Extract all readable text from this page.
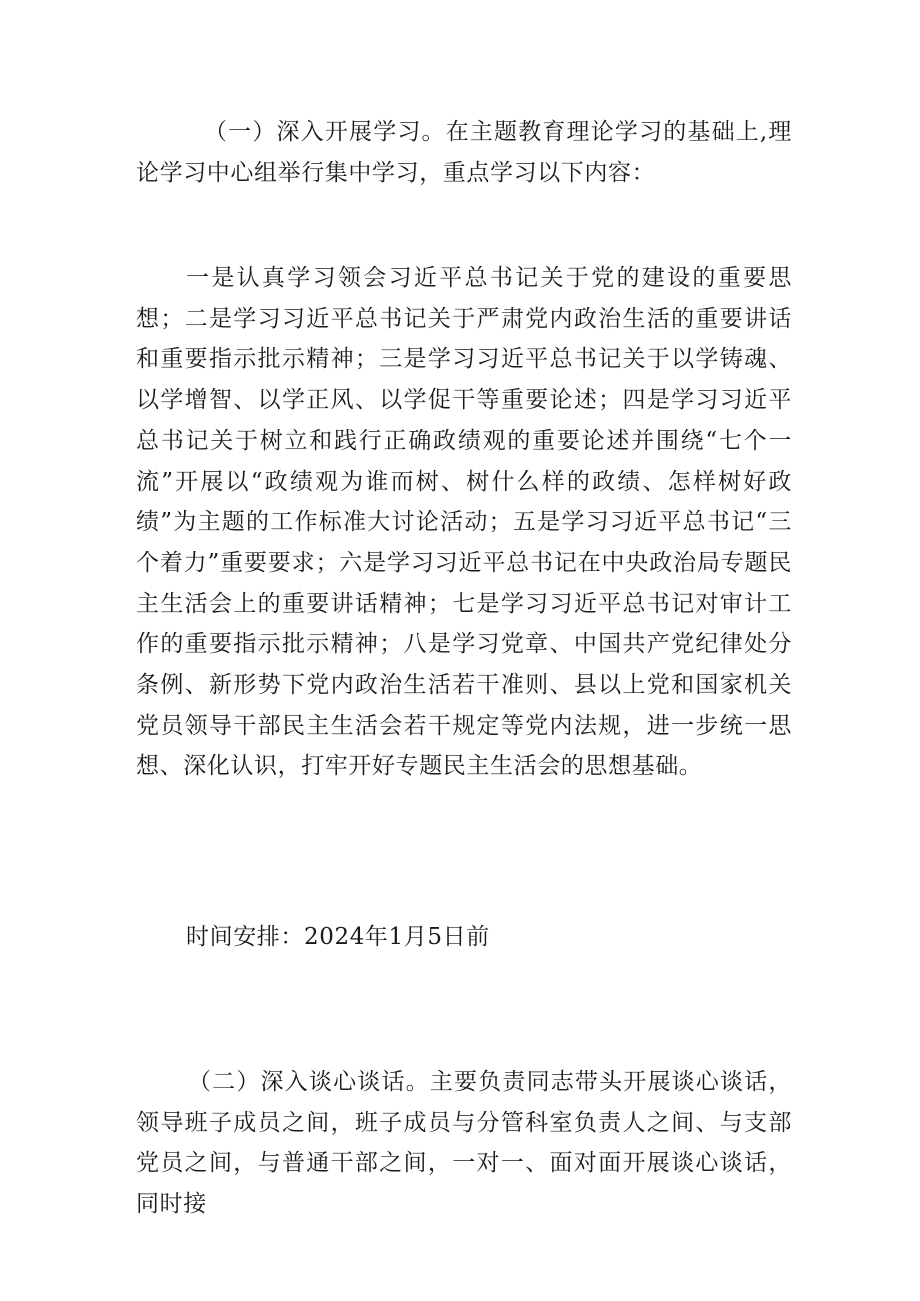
（一）深入开展学习。在主题教育理论学习的基础上,理论学习中心组举行集中学习，重点学习以下内容：

一是认真学习领会习近平总书记关于党的建设的重要思想；二是学习习近平总书记关于严肃党内政治生活的重要讲话和重要指示批示精神；三是学习习近平总书记关于以学铸魂、以学增智、以学正风、以学促干等重要论述；四是学习习近平总书记关于树立和践行正确政绩观的重要论述并围绕“七个一流”开展以“政绩观为谁而树、树什么样的政绩、怎样树好政绩”为主题的工作标准大讨论活动；五是学习习近平总书记“三个着力”重要要求；六是学习习近平总书记在中央政治局专题民主生活会上的重要讲话精神；七是学习习近平总书记对审计工作的重要指示批示精神；八是学习党章、中国共产党纪律处分条例、新形势下党内政治生活若干准则、县以上党和国家机关党员领导干部民主生活会若干规定等党内法规，进一步统一思想、深化认识，打牢开好专题民主生活会的思想基础。

时间安排：2024年1月5日前

（二）深入谈心谈话。主要负责同志带头开展谈心谈话，领导班子成员之间，班子成员与分管科室负责人之间、与支部党员之间，与普通干部之间，一对一、面对面开展谈心谈话，同时接
